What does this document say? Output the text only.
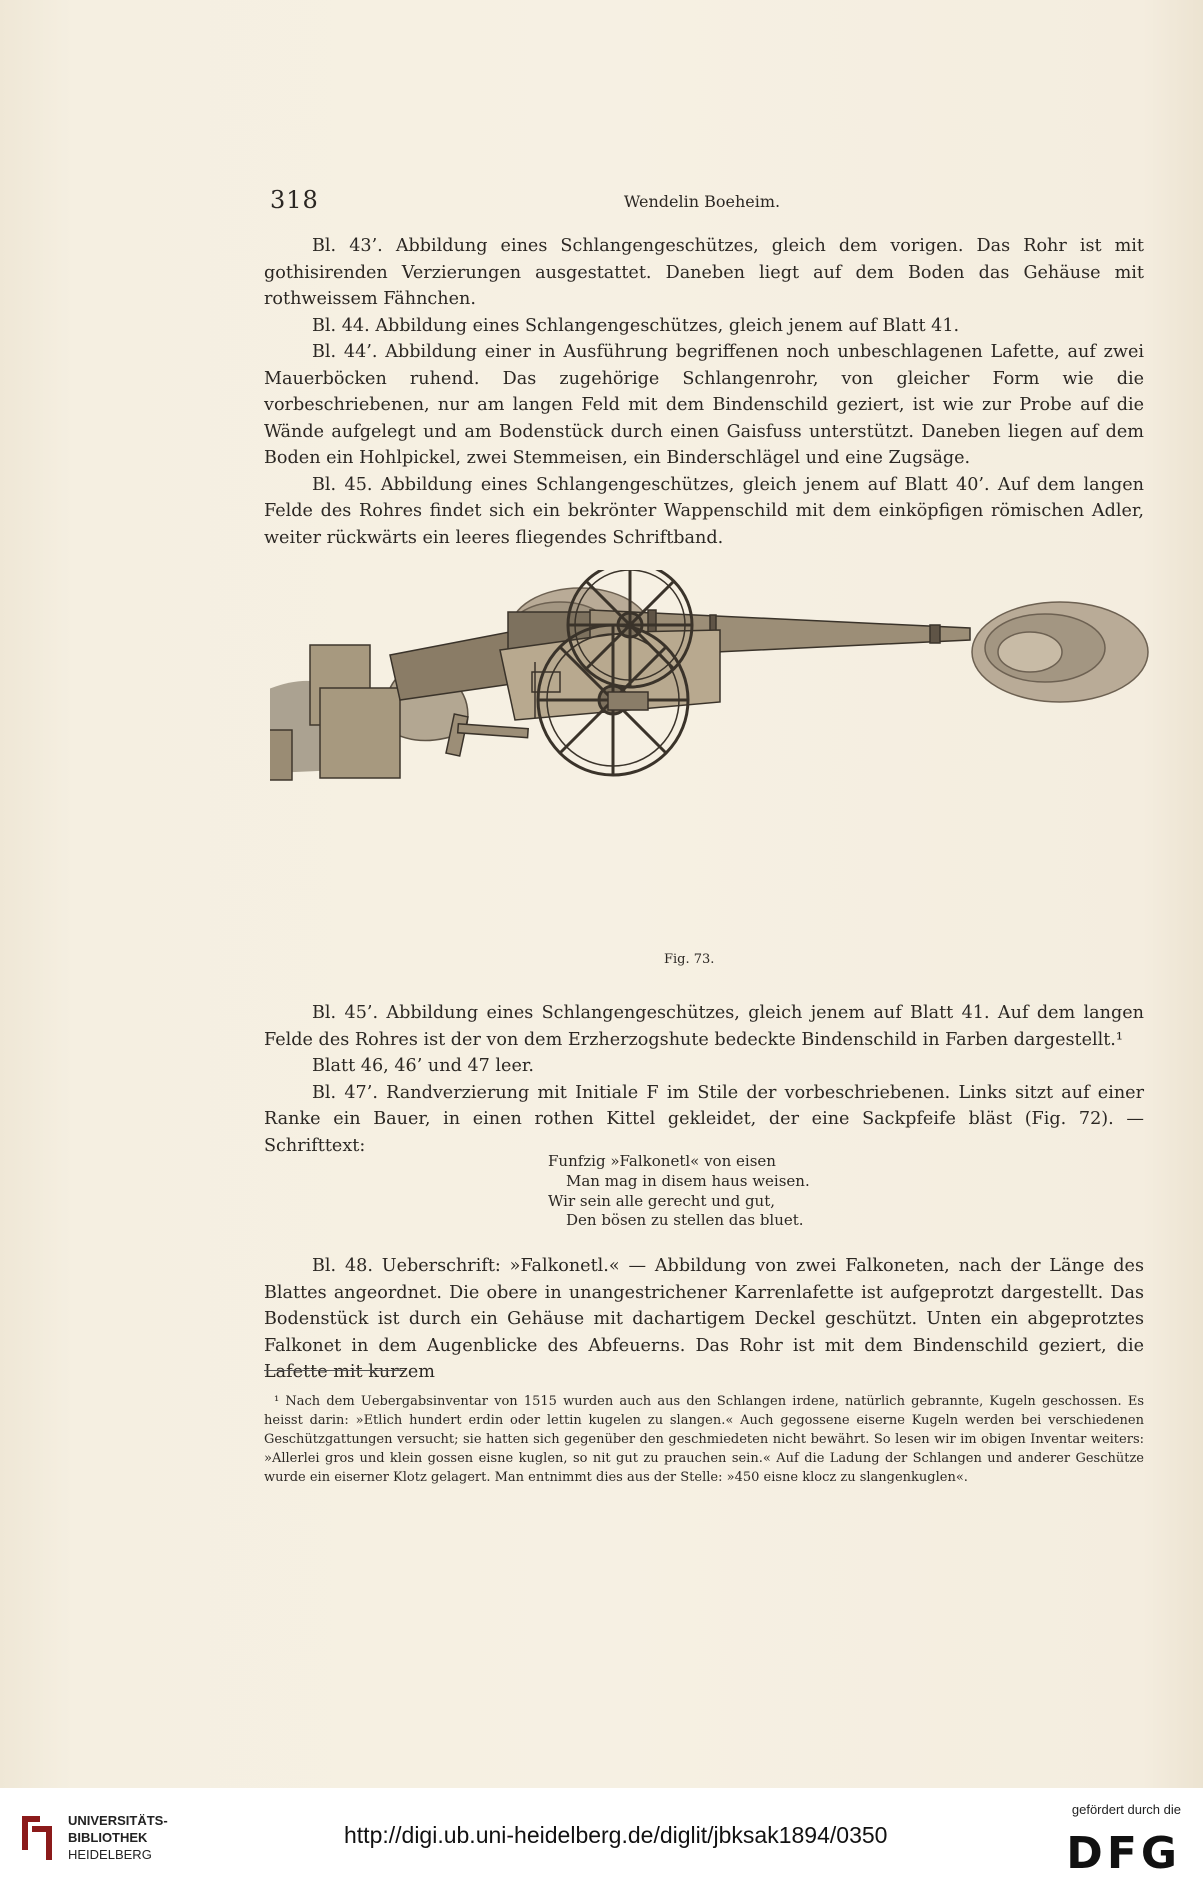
318	Wendelin Boeheim.

Bl. 43’. Abbildung eines Schlangengeschützes, gleich dem vorigen. Das Rohr ist mit gothisirenden Verzierungen ausgestattet. Daneben liegt auf dem Boden das Gehäuse mit rothweissem Fähnchen.

Bl. 44. Abbildung eines Schlangengeschützes, gleich jenem auf Blatt 41.

Bl. 44’. Abbildung einer in Ausführung begriffenen noch unbeschlagenen Lafette, auf zwei Mauerböcken ruhend. Das zugehörige Schlangenrohr, von gleicher Form wie die vorbeschriebenen, nur am langen Feld mit dem Bindenschild geziert, ist wie zur Probe auf die Wände aufgelegt und am Bodenstück durch einen Gaisfuss unterstützt. Daneben liegen auf dem Boden ein Hohlpickel, zwei Stemmeisen, ein Binderschlägel und eine Zugsäge.

Bl. 45. Abbildung eines Schlangengeschützes, gleich jenem auf Blatt 40’. Auf dem langen Felde des Rohres findet sich ein bekrönter Wappenschild mit dem einköpfigen römischen Adler, weiter rückwärts ein leeres fliegendes Schriftband.

Fig. 73.

Bl. 45’. Abbildung eines Schlangengeschützes, gleich jenem auf Blatt 41. Auf dem langen Felde des Rohres ist der von dem Erzherzogshute bedeckte Bindenschild in Farben dargestellt.¹

Blatt 46, 46’ und 47 leer.

Bl. 47’. Randverzierung mit Initiale F im Stile der vorbeschriebenen. Links sitzt auf einer Ranke ein Bauer, in einen rothen Kittel gekleidet, der eine Sackpfeife bläst (Fig. 72). — Schrifttext:

Funfzig »Falkonetl« von eisen
Man mag in disem haus weisen.
Wir sein alle gerecht und gut,
Den bösen zu stellen das bluet.

Bl. 48. Ueberschrift: »Falkonetl.« — Abbildung von zwei Falkoneten, nach der Länge des Blattes angeordnet. Die obere in unangestrichener Karrenlafette ist aufgeprotzt dargestellt. Das Bodenstück ist durch ein Gehäuse mit dachartigem Deckel geschützt. Unten ein abgeprotztes Falkonet in dem Augenblicke des Abfeuerns. Das Rohr ist mit dem Bindenschild geziert, die Lafette mit kurzem

¹ Nach dem Uebergabsinventar von 1515 wurden auch aus den Schlangen irdene, natürlich gebrannte, Kugeln geschossen. Es heisst darin: »Etlich hundert erdin oder lettin kugelen zu slangen.« Auch gegossene eiserne Kugeln werden bei verschiedenen Geschützgattungen versucht; sie hatten sich gegenüber den geschmiedeten nicht bewährt. So lesen wir im obigen Inventar weiters: »Allerlei gros und klein gossen eisne kuglen, so nit gut zu prauchen sein.« Auf die Ladung der Schlangen und anderer Geschütze wurde ein eiserner Klotz gelagert. Man entnimmt dies aus der Stelle: »450 eisne klocz zu slangenkuglen«.

UNIVERSITÄTS-
BIBLIOTHEK
HEIDELBERG
http://digi.ub.uni-heidelberg.de/diglit/jbksak1894/0350
gefördert durch die
DFG
